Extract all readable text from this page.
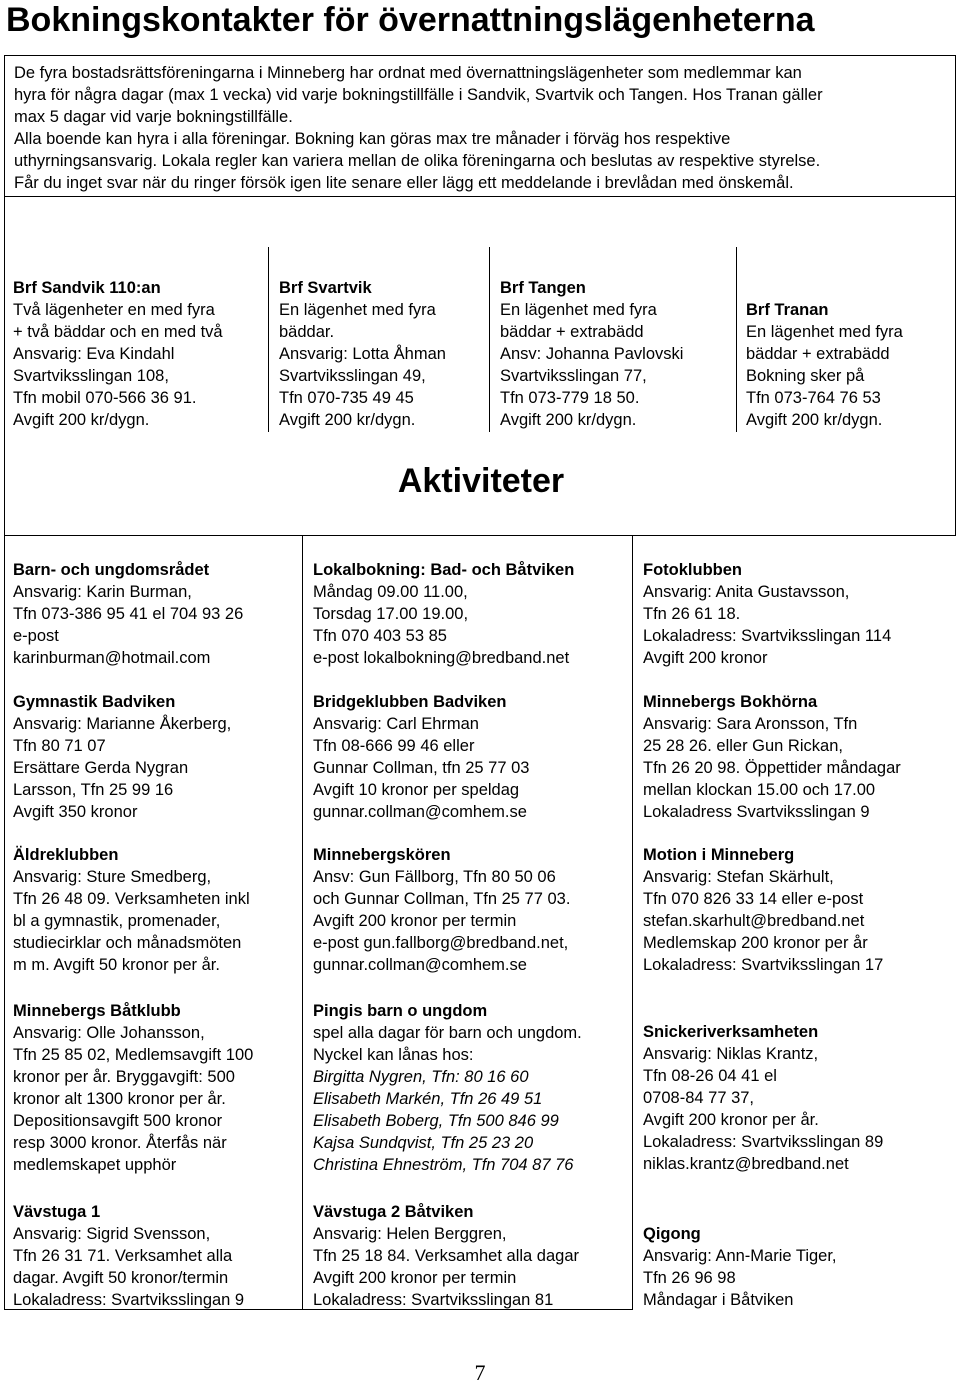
Bokningskontakter för övernattningslägenheterna
De fyra bostadsrättsföreningarna i Minneberg har ordnat med övernattningslägenheter som medlemmar kan
hyra för några dagar (max 1 vecka) vid varje bokningstillfälle i Sandvik, Svartvik och Tangen. Hos Tranan gäller
max 5 dagar vid varje bokningstillfälle.
Alla boende kan hyra i alla föreningar. Bokning kan göras max tre månader i förväg hos respektive
uthyrningsansvarig. Lokala regler kan variera mellan de olika föreningarna och beslutas av respektive styrelse.
Får du inget svar när du ringer försök igen lite senare eller lägg ett meddelande i brevlådan med önskemål.
Brf Sandvik 110:an
Två lägenheter en med fyra
+ två bäddar och en med två
Ansvarig: Eva Kindahl
Svartviksslingan 108,
Tfn mobil 070-566 36 91.
Avgift 200 kr/dygn.
Brf Svartvik
En lägenhet med fyra
bäddar.
Ansvarig: Lotta Åhman
Svartviksslingan 49,
Tfn 070-735 49 45
Avgift 200 kr/dygn.
Brf Tangen
En lägenhet med fyra
bäddar + extrabädd
Ansv: Johanna Pavlovski
Svartviksslingan 77,
Tfn 073-779 18 50.
Avgift 200 kr/dygn.
Brf Tranan
En lägenhet med fyra
bäddar + extrabädd
Bokning sker på
Tfn 073-764 76 53
Avgift 200 kr/dygn.
Aktiviteter
Barn- och ungdomsrådet
Ansvarig: Karin Burman,
Tfn 073-386 95 41 el 704 93 26
e-post
karinburman@hotmail.com
Lokalbokning: Bad- och Båtviken
Måndag 09.00 11.00,
Torsdag 17.00 19.00,
Tfn 070 403 53 85
e-post lokalbokning@bredband.net
Fotoklubben
Ansvarig: Anita Gustavsson,
Tfn 26 61 18.
Lokaladress: Svartviksslingan 114
Avgift 200 kronor
Gymnastik Badviken
Ansvarig: Marianne Åkerberg,
Tfn 80 71 07
Ersättare Gerda Nygran
Larsson, Tfn 25 99 16
Avgift 350 kronor
Bridgeklubben Badviken
Ansvarig: Carl Ehrman
Tfn 08-666 99 46 eller
Gunnar Collman, tfn 25 77 03
Avgift 10 kronor per speldag
gunnar.collman@comhem.se
Minnebergs Bokhörna
Ansvarig: Sara Aronsson, Tfn
25 28 26. eller Gun Rickan,
Tfn 26 20 98. Öppettider måndagar
mellan klockan 15.00 och 17.00
Lokaladress Svartviksslingan 9
Äldreklubben
Ansvarig: Sture Smedberg,
Tfn 26 48 09. Verksamheten inkl
bl a gymnastik, promenader,
studiecirklar och månadsmöten
m m. Avgift 50 kronor per år.
Minnebergskören
Ansv: Gun Fällborg, Tfn 80 50 06
och Gunnar Collman, Tfn 25 77 03.
Avgift 200 kronor per termin
e-post gun.fallborg@bredband.net,
gunnar.collman@comhem.se
Motion i Minneberg
Ansvarig: Stefan Skärhult,
Tfn 070 826 33 14 eller e-post
stefan.skarhult@bredband.net
Medlemskap 200 kronor per år
Lokaladress: Svartviksslingan 17
Minnebergs Båtklubb
Ansvarig: Olle Johansson,
Tfn 25 85 02, Medlemsavgift 100
kronor per år. Bryggavgift: 500
kronor alt 1300 kronor per år.
Depositionsavgift 500 kronor
resp 3000 kronor. Återfås när
medlemskapet upphör
Pingis barn o ungdom
spel alla dagar för barn och ungdom.
Nyckel kan lånas hos:
Birgitta Nygren, Tfn: 80 16 60
Elisabeth Markén, Tfn 26 49 51
Elisabeth Boberg, Tfn 500 846 99
Kajsa Sundqvist, Tfn 25 23 20
Christina Ehneström, Tfn 704 87 76
Snickeriverksamheten
Ansvarig: Niklas Krantz,
Tfn 08-26 04 41 el
0708-84 77 37,
Avgift 200 kronor per år.
Lokaladress: Svartviksslingan 89
niklas.krantz@bredband.net
Vävstuga 1
Ansvarig: Sigrid Svensson,
Tfn 26 31 71. Verksamhet alla
dagar. Avgift 50 kronor/termin
Lokaladress: Svartviksslingan 9
Vävstuga 2 Båtviken
Ansvarig: Helen Berggren,
Tfn 25 18 84. Verksamhet alla dagar
Avgift 200 kronor per termin
Lokaladress: Svartviksslingan 81
Qigong
Ansvarig: Ann-Marie Tiger,
Tfn 26 96 98
Måndagar i Båtviken
7
